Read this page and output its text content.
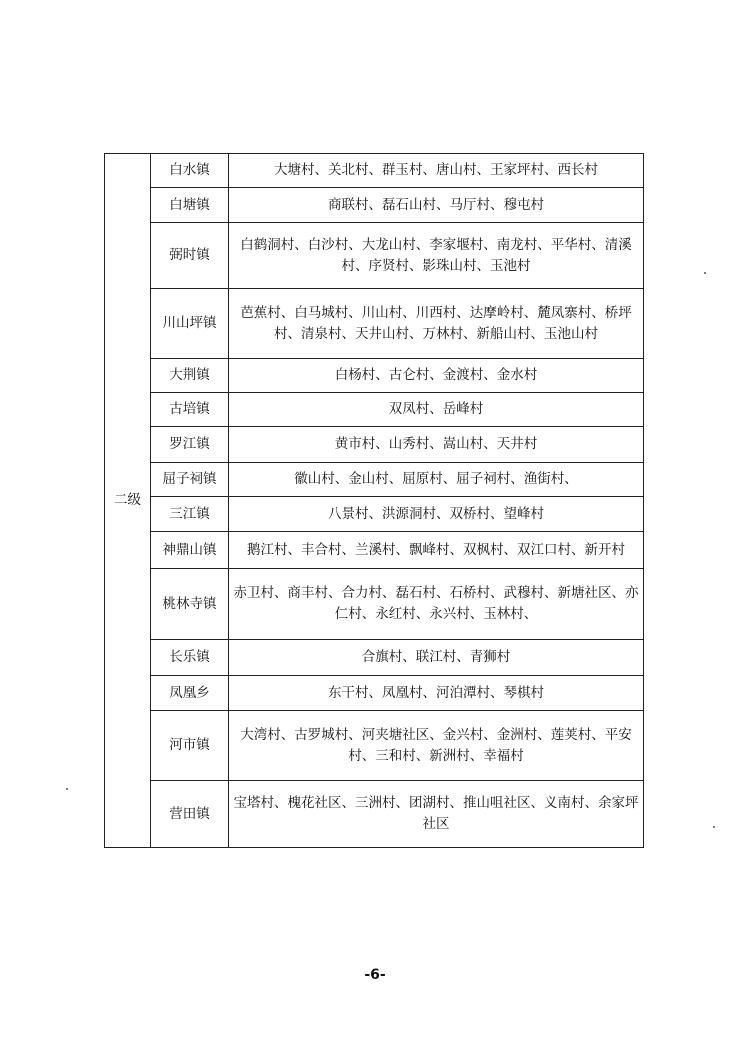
二级	白水镇	大塘村、关北村、群玉村、唐山村、王家坪村、西长村
	白塘镇	商联村、磊石山村、马厅村、穆屯村
	弼时镇	白鹤洞村、白沙村、大龙山村、李家堰村、南龙村、平华村、清溪村、序贤村、影珠山村、玉池村
	川山坪镇	芭蕉村、白马城村、川山村、川西村、达摩岭村、麓凤寨村、桥坪村、清泉村、天井山村、万林村、新船山村、玉池山村
	大荆镇	白杨村、古仑村、金渡村、金水村
	古培镇	双凤村、岳峰村
	罗江镇	黄市村、山秀村、嵩山村、天井村
	屈子祠镇	徽山村、金山村、屈原村、屈子祠村、渔街村、
	三江镇	八景村、洪源洞村、双桥村、望峰村
	神鼎山镇	鹅江村、丰合村、兰溪村、飘峰村、双枫村、双江口村、新开村
	桃林寺镇	赤卫村、商丰村、合力村、磊石村、石桥村、武穆村、新塘社区、亦仁村、永红村、永兴村、玉林村、
	长乐镇	合旗村、联江村、青狮村
	凤凰乡	东干村、凤凰村、河泊潭村、琴棋村
	河市镇	大湾村、古罗城村、河夹塘社区、金兴村、金洲村、莲荚村、平安村、三和村、新洲村、幸福村
	营田镇	宝塔村、槐花社区、三洲村、团湖村、推山咀社区、义南村、余家坪社区
-6-
